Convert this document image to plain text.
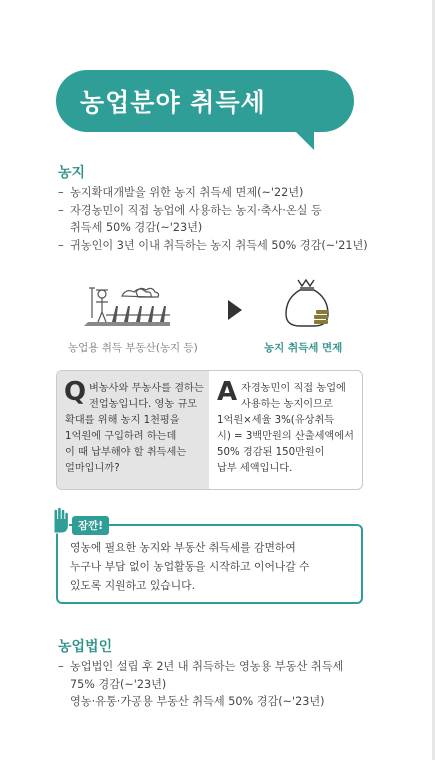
농업분야 취득세
농지
– 농지확대개발을 위한 농지 취득세 면제(~'22년)
– 자경농민이 직접 농업에 사용하는 농지·축사·온실 등
취득세 50% 경감(~'23년)
– 귀농인이 3년 이내 취득하는 농지 취득세 50% 경감(~'21년)
농업용 취득 부동산(농지 등)	농지 취득세 면제
Q	A
벼농사와 무농사를 겸하는
전업농입니다. 영농 규모
확대를 위해 농지 1천평을
1억원에 구입하려 하는데
이 때 납부해야 할 취득세는
얼마입니까?
자경농민이 직접 농업에
사용하는 농지이므로
1억원×세율 3%(유상취득
시) = 3백만원의 산출세액에서
50% 경감된 150만원이
납부 세액입니다.
잠깐!
영농에 필요한 농지와 부동산 취득세를 감면하여
누구나 부담 없이 농업활동을 시작하고 이어나갈 수
있도록 지원하고 있습니다.
농업법인
– 농업법인 설립 후 2년 내 취득하는 영농용 부동산 취득세
75% 경감(~'23년)
영농·유통·가공용 부동산 취득세 50% 경감(~'23년)
